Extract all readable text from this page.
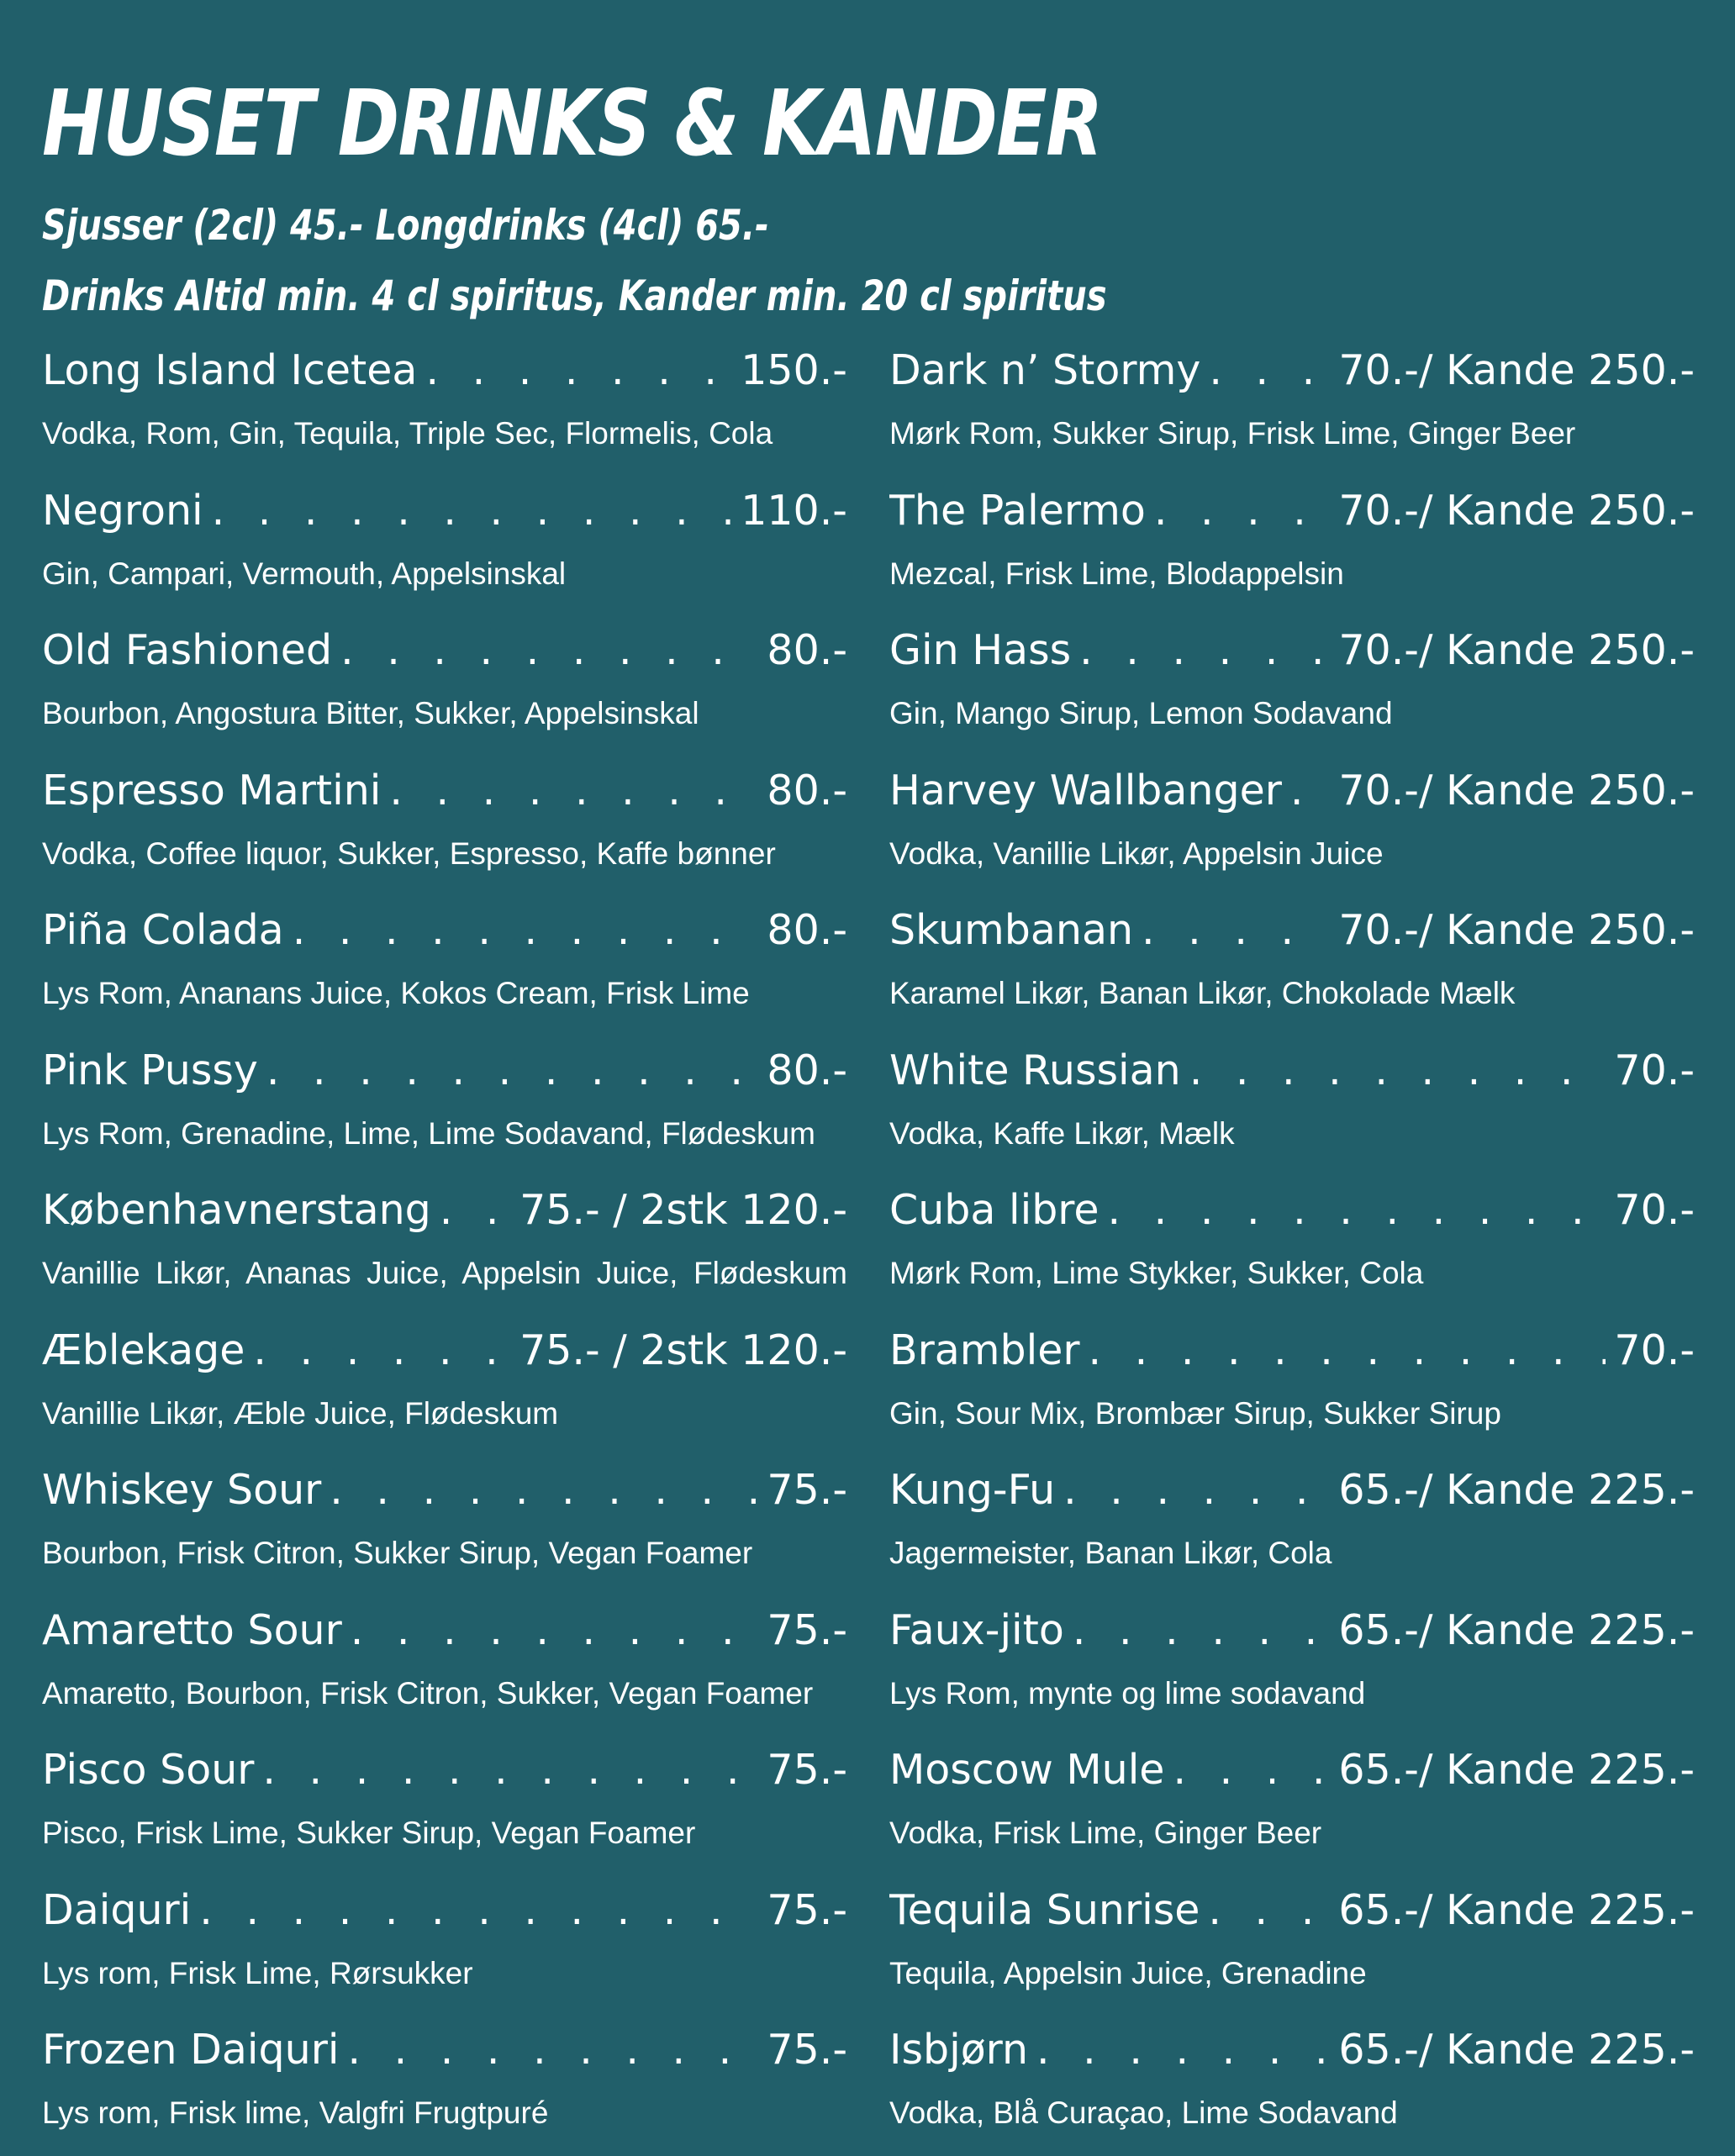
HUSET DRINKS & KANDER
Sjusser (2cl) 45.- Longdrinks (4cl) 65.-
Drinks Altid min. 4 cl spiritus, Kander min. 20 cl spiritus
Long Island Icetea . . .	150.-
Vodka, Rom, Gin, Tequila, Triple Sec, Flormelis, Cola
Negroni . . .	110.-
Gin, Campari, Vermouth, Appelsinskal
Old Fashioned . . .	80.-
Bourbon, Angostura Bitter, Sukker, Appelsinskal
Espresso Martini . . .	80.-
Vodka, Coffee liquor, Sukker, Espresso, Kaffe bønner
Piña Colada . . .	80.-
Lys Rom, Ananans Juice, Kokos Cream, Frisk Lime
Pink Pussy . . .	80.-
Lys Rom, Grenadine, Lime, Lime Sodavand, Flødeskum
Københavnerstang . . . 75.- / 2stk 120.-
Vanillie Likør, Ananas Juice, Appelsin Juice, Flødeskum
Æblekage . . .	75.- / 2stk 120.-
Vanillie Likør, Æble Juice, Flødeskum
Whiskey Sour . . .	75.-
Bourbon, Frisk Citron, Sukker Sirup, Vegan Foamer
Amaretto Sour . . .	75.-
Amaretto, Bourbon, Frisk Citron, Sukker, Vegan Foamer
Pisco Sour . . .	75.-
Pisco, Frisk Lime, Sukker Sirup, Vegan Foamer
Daiquri . . .	75.-
Lys rom, Frisk Lime, Rørsukker
Frozen Daiquri . . .	75.-
Lys rom, Frisk lime, Valgfri Frugtpuré
Dark n’ Stormy . . .	70.-/ Kande 250.-
Mørk Rom, Sukker Sirup, Frisk Lime, Ginger Beer
The Palermo . . .	70.-/ Kande 250.-
Mezcal, Frisk Lime, Blodappelsin
Gin Hass . . .	70.-/ Kande 250.-
Gin, Mango Sirup, Lemon Sodavand
Harvey Wallbanger . . . 70.-/ Kande 250.-
Vodka, Vanillie Likør, Appelsin Juice
Skumbanan . . .	70.-/ Kande 250.-
Karamel Likør, Banan Likør, Chokolade Mælk
White Russian . . .	70.-
Vodka, Kaffe Likør, Mælk
Cuba libre . . .	70.-
Mørk Rom, Lime Stykker, Sukker, Cola
Brambler . . .	70.-
Gin, Sour Mix, Brombær Sirup, Sukker Sirup
Kung-Fu . . .	65.-/ Kande 225.-
Jagermeister, Banan Likør, Cola
Faux-jito . . .	65.-/ Kande 225.-
Lys Rom, mynte og lime sodavand
Moscow Mule . . .	65.-/ Kande 225.-
Vodka, Frisk Lime, Ginger Beer
Tequila Sunrise . . .	65.-/ Kande 225.-
Tequila, Appelsin Juice, Grenadine
Isbjørn . . .	65.-/ Kande 225.-
Vodka, Blå Curaçao, Lime Sodavand
